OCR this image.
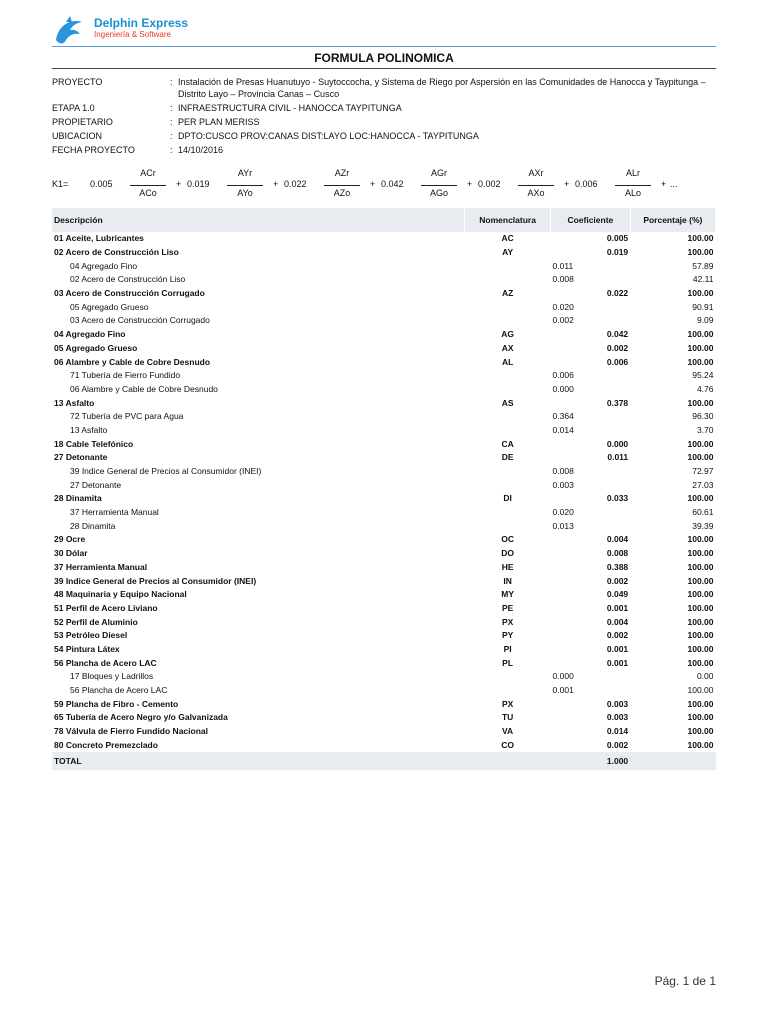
Delphin Express
Ingeniería & Software
FORMULA POLINOMICA
PROYECTO	: Instalación de Presas Huanutuyo - Suytoccocha, y Sistema de Riego por Aspersión en las Comunidades de Hanocca y Taypitunga –Distrito Layo – Provincia Canas – Cusco
ETAPA 1.0	: INFRAESTRUCTURA CIVIL - HANOCCA TAYPITUNGA
PROPIETARIO	: PER PLAN MERISS
UBICACION	: DPTO:CUSCO PROV:CANAS DIST:LAYO LOC:HANOCCA - TAYPITUNGA
FECHA PROYECTO	: 14/10/2016
K1= 0.005
ACr
ACo
+ 0.019
AYr
AYo
+ 0.022
AZr
AZo
+ 0.042
AGr
AGo
+ 0.002
AXr
AXo
+ 0.006
ALr
ALo
+ ...
Descripción	Nomenclatura	Coeficiente	Porcentaje (%)
01 Aceite, Lubricantes	AC	0.005	100.00
02 Acero de Construcción Liso	AY	0.019	100.00
04 Agregado Fino		0.011	57.89
02 Acero de Construcción Liso		0.008	42.11
03 Acero de Construcción Corrugado	AZ	0.022	100.00
05 Agregado Grueso		0.020	90.91
03 Acero de Construcción Corrugado		0.002	9.09
04 Agregado Fino	AG	0.042	100.00
05 Agregado Grueso	AX	0.002	100.00
06 Alambre y Cable de Cobre Desnudo	AL	0.006	100.00
71 Tubería de Fierro Fundido		0.006	95.24
06 Alambre y Cable de Cobre Desnudo		0.000	4.76
13 Asfalto	AS	0.378	100.00
72 Tubería de PVC para Agua		0.364	96.30
13 Asfalto		0.014	3.70
18 Cable Telefónico	CA	0.000	100.00
27 Detonante	DE	0.011	100.00
39 Indice General de Precios al Consumidor (INEI)		0.008	72.97
27 Detonante		0.003	27.03
28 Dinamita	DI	0.033	100.00
37 Herramienta Manual		0.020	60.61
28 Dinamita		0.013	39.39
29 Ocre	OC	0.004	100.00
30 Dólar	DO	0.008	100.00
37 Herramienta Manual	HE	0.388	100.00
39 Indice General de Precios al Consumidor (INEI)	IN	0.002	100.00
48 Maquinaria y Equipo Nacional	MY	0.049	100.00
51 Perfil de Acero Liviano	PE	0.001	100.00
52 Perfil de Aluminio	PX	0.004	100.00
53 Petróleo Diesel	PY	0.002	100.00
54 Pintura Látex	PI	0.001	100.00
56 Plancha de Acero LAC	PL	0.001	100.00
17 Bloques y Ladrillos		0.000	0.00
56 Plancha de Acero LAC		0.001	100.00
59 Plancha de Fibro - Cemento	PX	0.003	100.00
65 Tubería de Acero Negro y/o Galvanizada	TU	0.003	100.00
78 Válvula de Fierro Fundido Nacional	VA	0.014	100.00
80 Concreto Premezclado	CO	0.002	100.00
TOTAL		1.000	
Pág. 1 de 1
